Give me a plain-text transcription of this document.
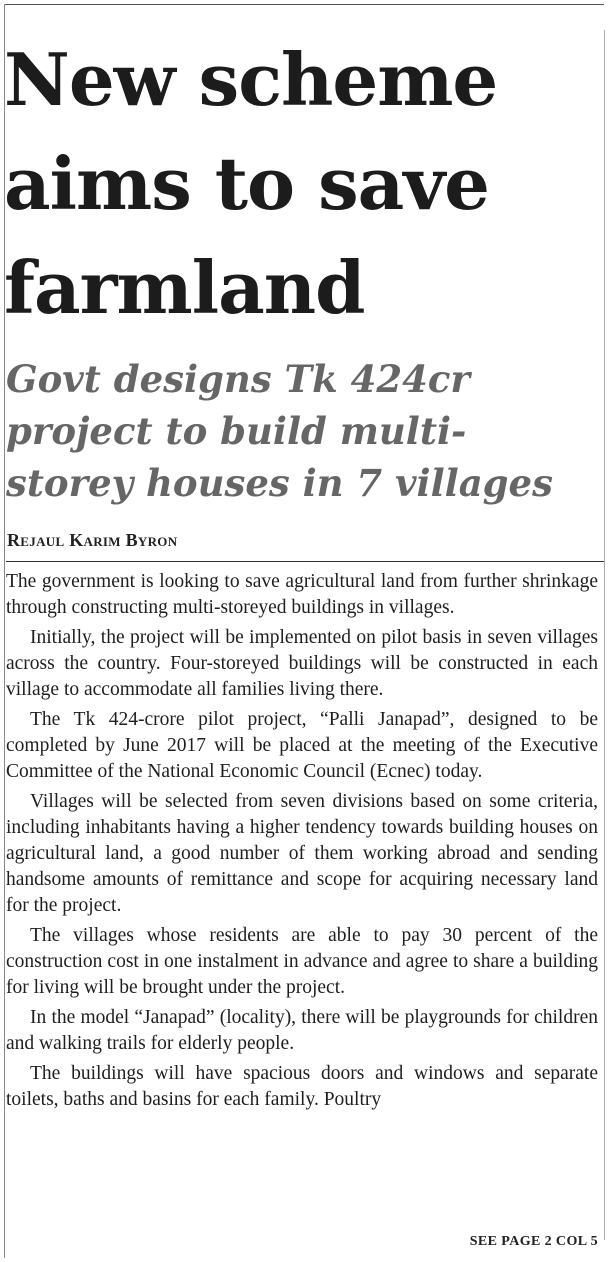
New scheme
aims to save
farmland
Govt designs Tk 424cr
project to build multi-
storey houses in 7 villages
Rejaul Karim Byron

The government is looking to save agricultural land from further shrinkage through constructing multi-storeyed buildings in villages.

Initially, the project will be implemented on pilot basis in seven villages across the country. Four-storeyed buildings will be constructed in each village to accommodate all families living there.

The Tk 424-crore pilot project, “Palli Janapad”, designed to be completed by June 2017 will be placed at the meeting of the Executive Committee of the National Economic Council (Ecnec) today.

Villages will be selected from seven divisions based on some criteria, including inhabitants having a higher tendency towards building houses on agricultural land, a good number of them working abroad and sending handsome amounts of remittance and scope for acquiring necessary land for the project.

The villages whose residents are able to pay 30 percent of the construction cost in one instalment in advance and agree to share a building for living will be brought under the project.

In the model “Janapad” (locality), there will be playgrounds for children and walking trails for elderly people.

The buildings will have spacious doors and windows and separate toilets, baths and basins for each family. Poultry

SEE PAGE 2 COL 5
